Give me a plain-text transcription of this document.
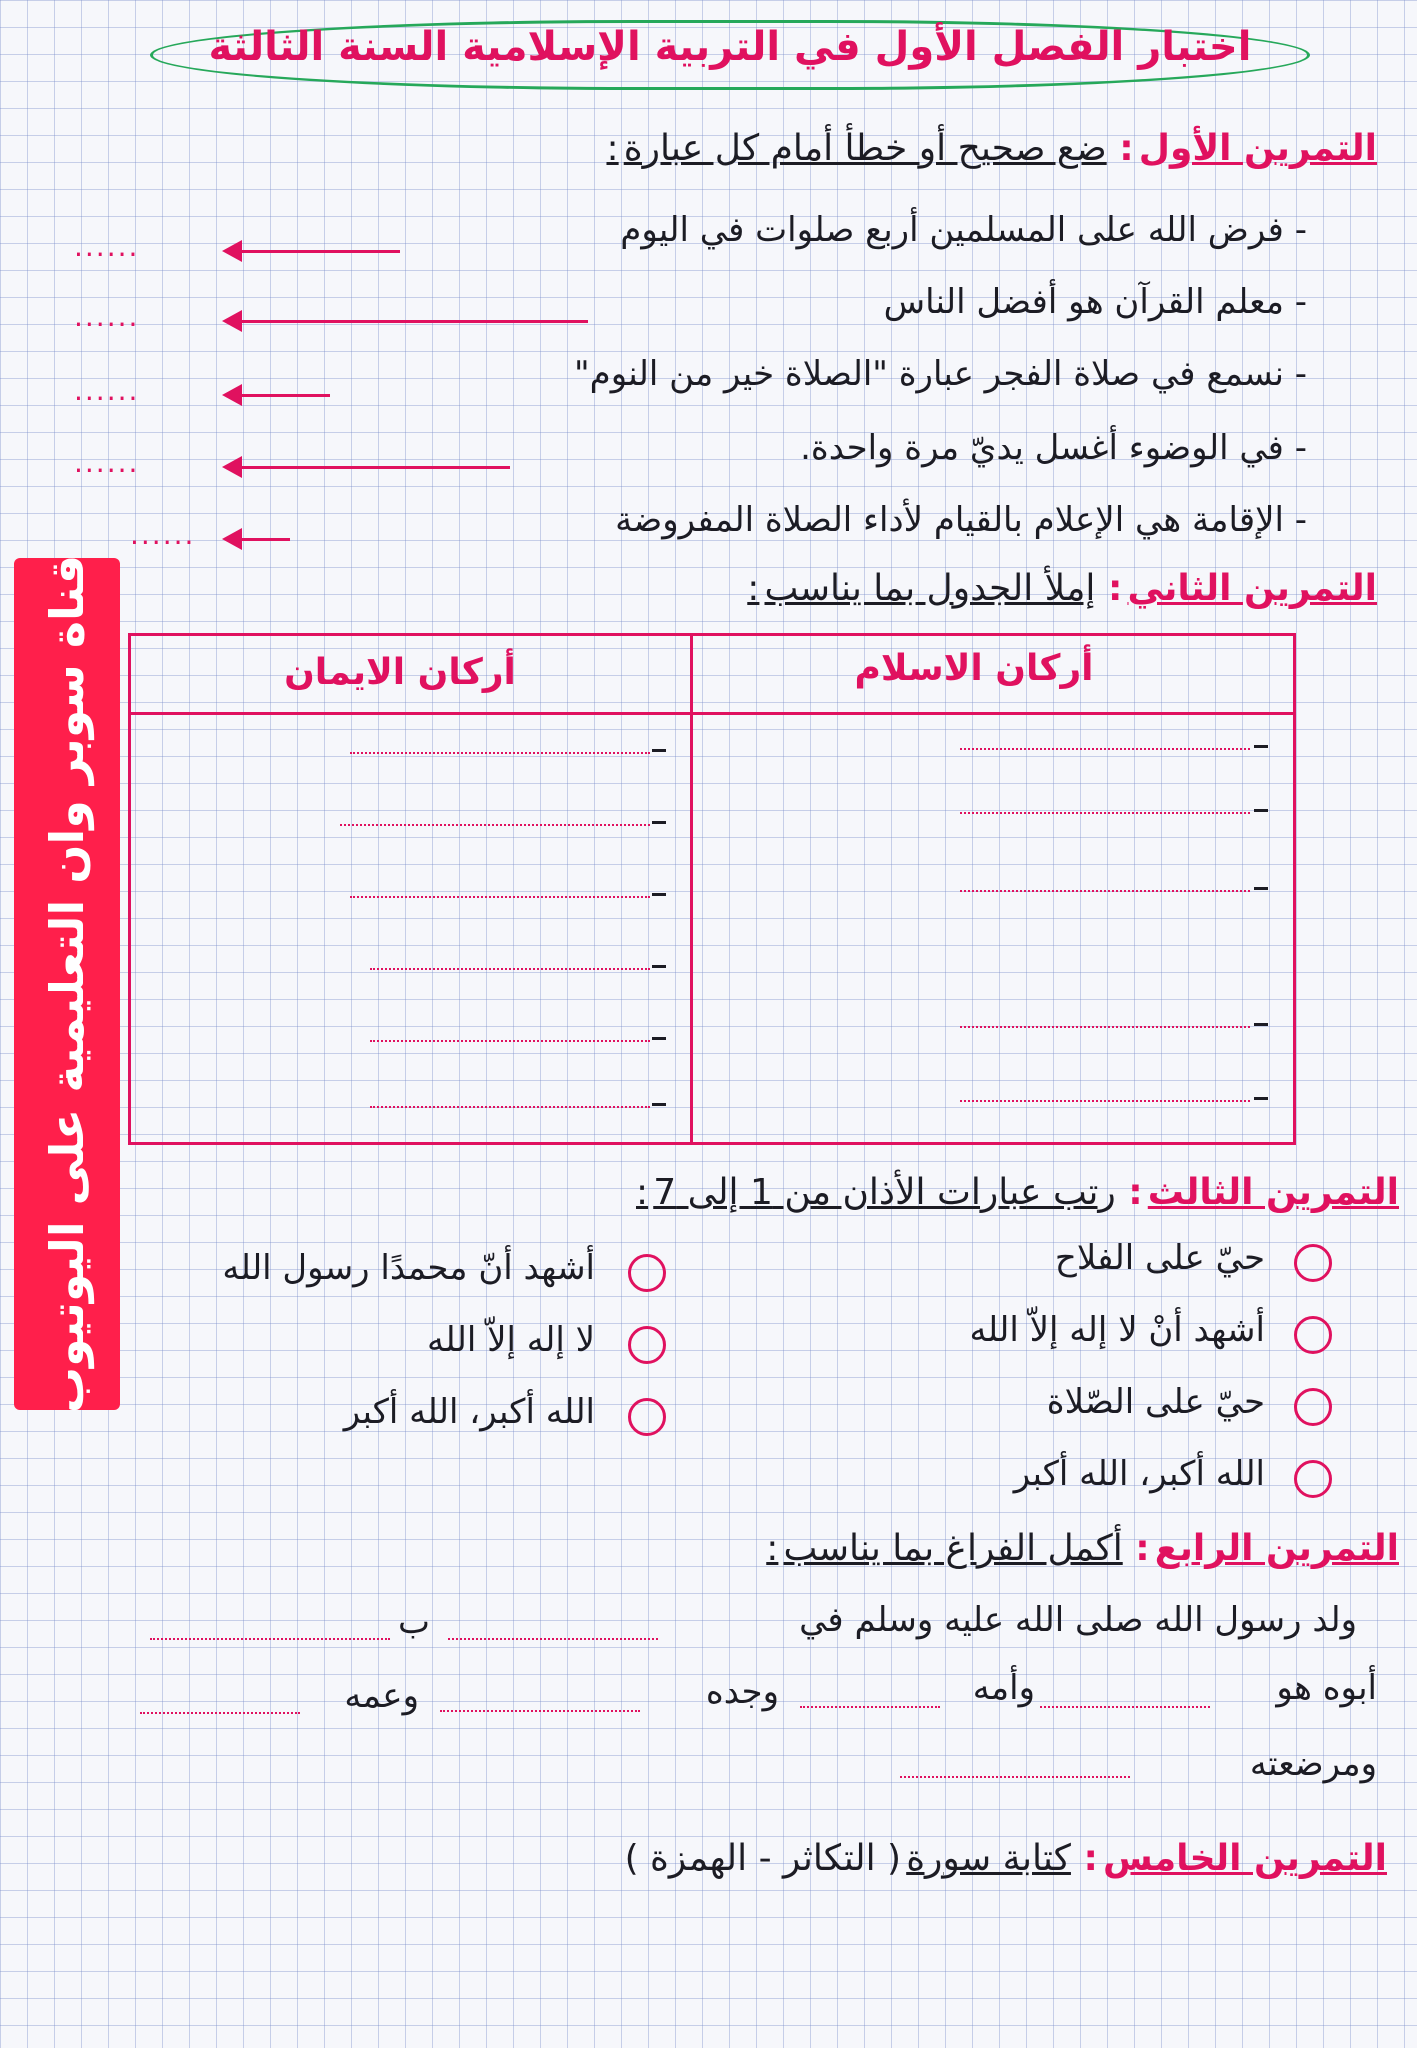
اختبار الفصل الأول في التربية الإسلامية السنة الثالثة
التمرين الأول : ضع صحيح أو خطأ أمام كل عبارة :
- فرض الله على المسلمين أربع صلوات في اليوم
......
- معلم القرآن هو أفضل الناس
......
- نسمع في صلاة الفجر عبارة "الصلاة خير من النوم"
......
- في الوضوء أغسل يديّ مرة واحدة.
......
- الإقامة هي الإعلام بالقيام لأداء الصلاة المفروضة
......
التمرين الثاني : إملأ الجدول بما يناسب :
أركان الاسلام
أركان الايمان
التمرين الثالث : رتب عبارات الأذان من 1 إلى 7 :
حيّ على الفلاح
أشهد أنْ لا إله إلاّ الله
حيّ على الصّلاة
الله أكبر، الله أكبر
أشهد أنّ محمدًا رسول الله
لا إله إلاّ الله
الله أكبر، الله أكبر
التمرين الرابع : أكمل الفراغ بما يناسب :
ولد رسول الله صلى الله عليه وسلم في
ب
أبوه هو
وأمه
وجده
وعمه
ومرضعته
التمرين الخامس : كتابة سورة ( التكاثر - الهمزة )
قناة سوبر وان التعليمية على اليوتيوب
